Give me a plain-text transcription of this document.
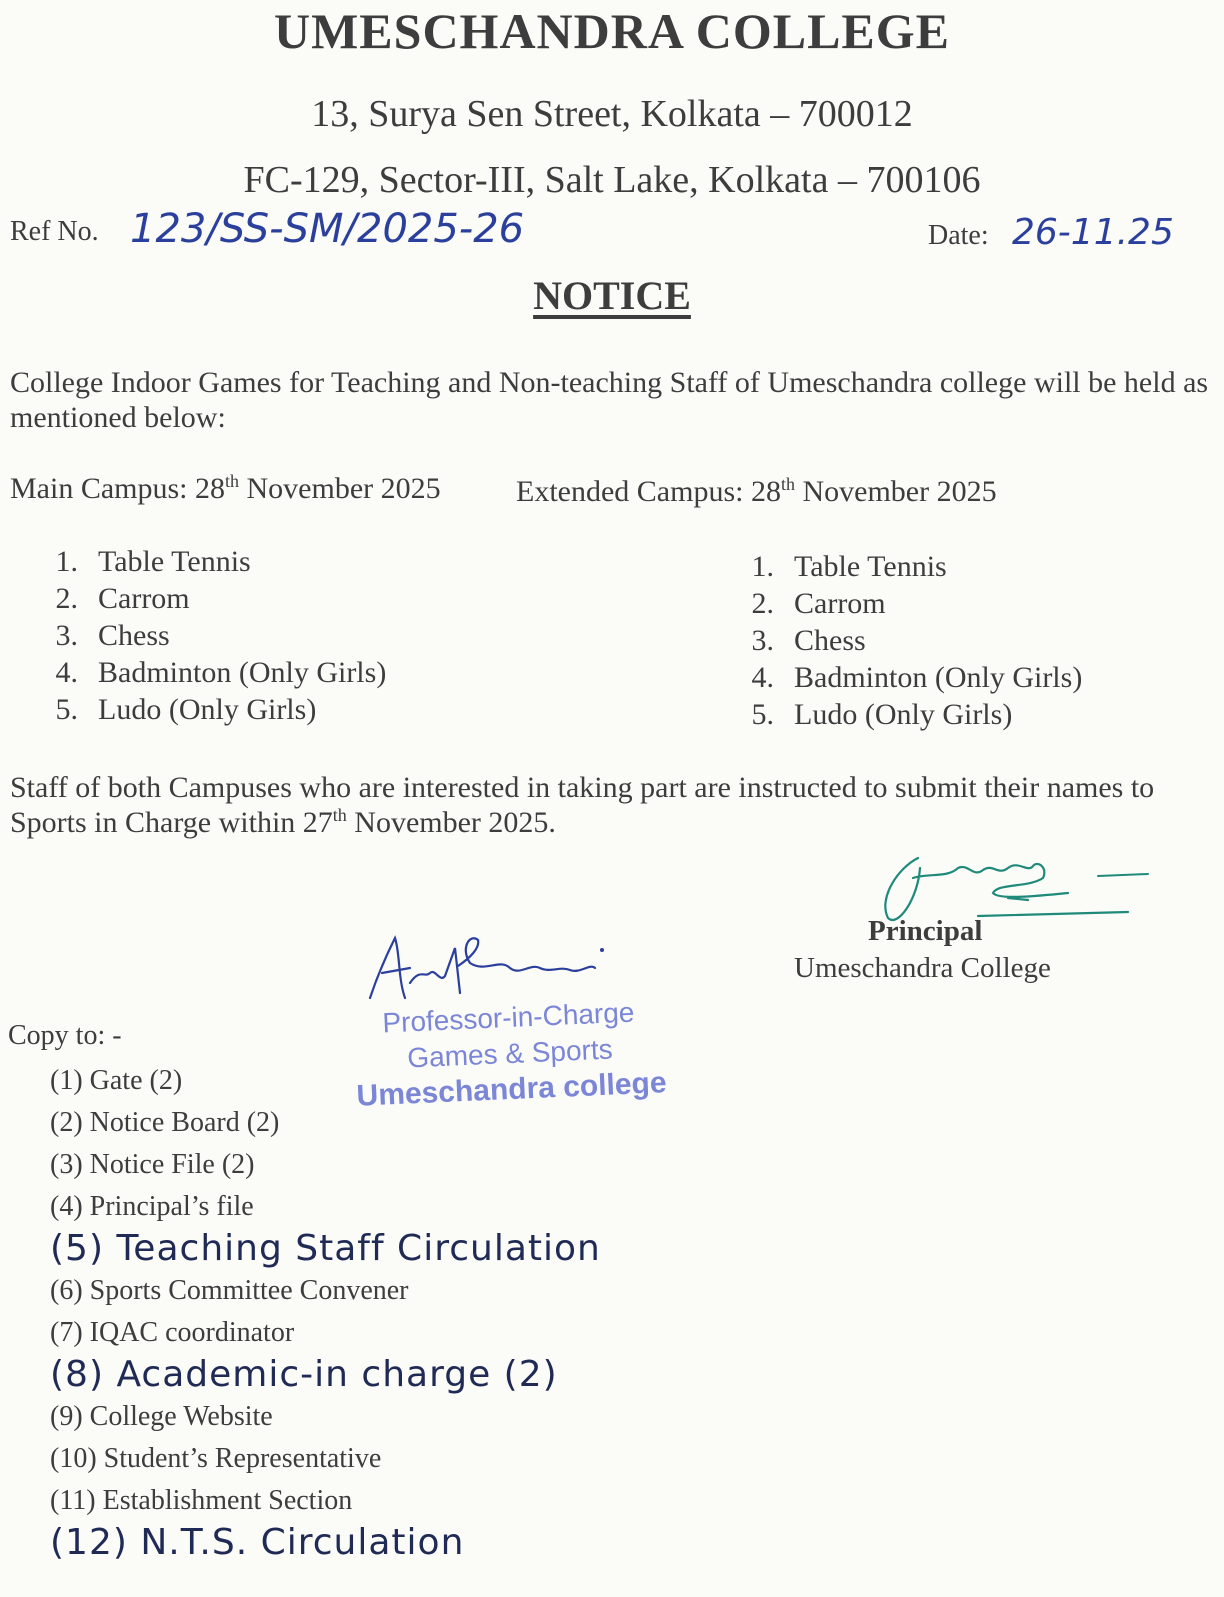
UMESCHANDRA COLLEGE
13, Surya Sen Street, Kolkata – 700012
FC-129, Sector-III, Salt Lake, Kolkata – 700106
Ref No. 123/SS-SM/2025-26	Date: 26-11.25
NOTICE
College Indoor Games for Teaching and Non-teaching Staff of Umeschandra college will be held as mentioned below:
Main Campus: 28th November 2025	Extended Campus: 28th November 2025
1. Table Tennis
2. Carrom
3. Chess
4. Badminton (Only Girls)
5. Ludo (Only Girls)
1. Table Tennis
2. Carrom
3. Chess
4. Badminton (Only Girls)
5. Ludo (Only Girls)
Staff of both Campuses who are interested in taking part are instructed to submit their names to Sports in Charge within 27th November 2025.
Principal
Umeschandra College
Professor-in-Charge
Games & Sports
Umeschandra college
Copy to: -
(1) Gate (2)
(2) Notice Board (2)
(3) Notice File (2)
(4) Principal’s file
(5) Teaching Staff Circulation
(6) Sports Committee Convener
(7) IQAC coordinator
(8) Academic-in charge (2)
(9) College Website
(10) Student’s Representative
(11) Establishment Section
(12) N.T.S. Circulation
